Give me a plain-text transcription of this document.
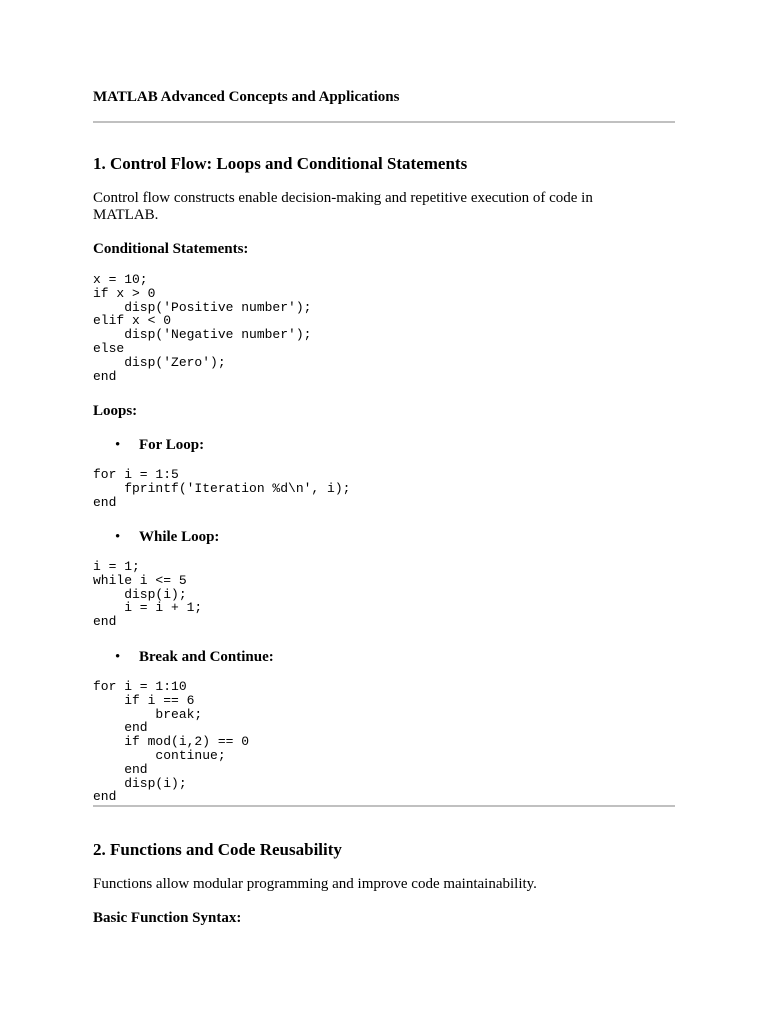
MATLAB Advanced Concepts and Applications
1. Control Flow: Loops and Conditional Statements
Control flow constructs enable decision-making and repetitive execution of code in MATLAB.
Conditional Statements:
x = 10;
if x > 0
disp('Positive number');
elif x < 0
disp('Negative number');
else
disp('Zero');
end
Loops:
• For Loop:
for i = 1:5
fprintf('Iteration %d\n', i);
end
• While Loop:
i = 1;
while i <= 5
disp(i);
i = i + 1;
end
• Break and Continue:
for i = 1:10
if i == 6
break;
end
if mod(i,2) == 0
continue;
end
disp(i);
end
2. Functions and Code Reusability
Functions allow modular programming and improve code maintainability.
Basic Function Syntax:
